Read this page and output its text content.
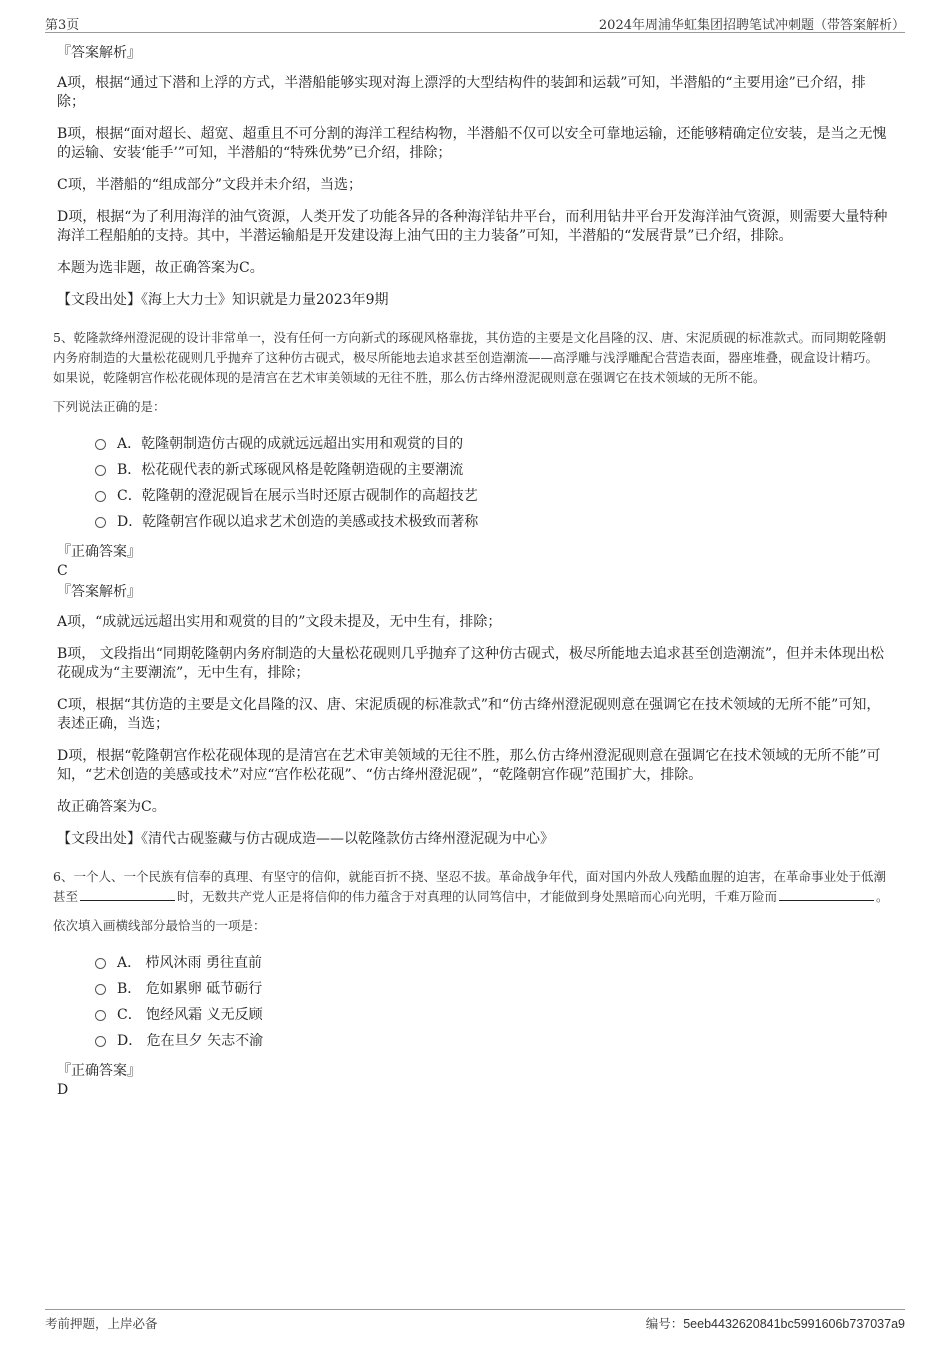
第3页	2024年周浦华虹集团招聘笔试冲刺题（带答案解析）
『答案解析』

A项，根据“通过下潜和上浮的方式，半潜船能够实现对海上漂浮的大型结构件的装卸和运载”可知，半潜船的“主要用途”已介绍，排除；

B项，根据“面对超长、超宽、超重且不可分割的海洋工程结构物，半潜船不仅可以安全可靠地运输，还能够精确定位安装，是当之无愧的运输、安装‘能手’”可知，半潜船的“特殊优势”已介绍，排除；

C项，半潜船的“组成部分”文段并未介绍，当选；

D项，根据“为了利用海洋的油气资源，人类开发了功能各异的各种海洋钻井平台，而利用钻井平台开发海洋油气资源，则需要大量特种海洋工程船舶的支持。其中，半潜运输船是开发建设海上油气田的主力装备”可知，半潜船的“发展背景”已介绍，排除。

本题为选非题，故正确答案为C。

【文段出处】《海上大力士》知识就是力量2023年9期

5、乾隆款绛州澄泥砚的设计非常单一，没有任何一方向新式的琢砚风格靠拢，其仿造的主要是文化昌隆的汉、唐、宋泥质砚的标准款式。而同期乾隆朝内务府制造的大量松花砚则几乎抛弃了这种仿古砚式，极尽所能地去追求甚至创造潮流——高浮雕与浅浮雕配合营造表面，器座堆叠，砚盒设计精巧。如果说，乾隆朝宫作松花砚体现的是清宫在艺术审美领域的无往不胜，那么仿古绛州澄泥砚则意在强调它在技术领域的无所不能。

下列说法正确的是：

A．乾隆朝制造仿古砚的成就远远超出实用和观赏的目的
B．松花砚代表的新式琢砚风格是乾隆朝造砚的主要潮流
C．乾隆朝的澄泥砚旨在展示当时还原古砚制作的高超技艺
D．乾隆朝宫作砚以追求艺术创造的美感或技术极致而著称
『正确答案』
C
『答案解析』

A项，“成就远远超出实用和观赏的目的”文段未提及，无中生有，排除；

B项， 文段指出“同期乾隆朝内务府制造的大量松花砚则几乎抛弃了这种仿古砚式，极尽所能地去追求甚至创造潮流”，但并未体现出松花砚成为“主要潮流”，无中生有，排除；

C项，根据“其仿造的主要是文化昌隆的汉、唐、宋泥质砚的标准款式”和“仿古绛州澄泥砚则意在强调它在技术领域的无所不能”可知，表述正确，当选；

D项，根据“乾隆朝宫作松花砚体现的是清宫在艺术审美领域的无往不胜，那么仿古绛州澄泥砚则意在强调它在技术领域的无所不能”可知，“艺术创造的美感或技术”对应“宫作松花砚”、“仿古绛州澄泥砚”，“乾隆朝宫作砚”范围扩大，排除。

故正确答案为C。

【文段出处】《清代古砚鉴藏与仿古砚成造——以乾隆款仿古绛州澄泥砚为中心》

6、一个人、一个民族有信奉的真理、有坚守的信仰，就能百折不挠、坚忍不拔。革命战争年代，面对国内外敌人残酷血腥的迫害，在革命事业处于低潮甚至	时，无数共产党人正是将信仰的伟力蕴含于对真理的认同笃信中，才能做到身处黑暗而心向光明，千难万险而	。

依次填入画横线部分最恰当的一项是：

A． 栉风沐雨 勇往直前
B． 危如累卵 砥节砺行
C． 饱经风霜 义无反顾
D． 危在旦夕 矢志不渝
『正确答案』
D
考前押题，上岸必备	编号：5eeb4432620841bc5991606b737037a9
